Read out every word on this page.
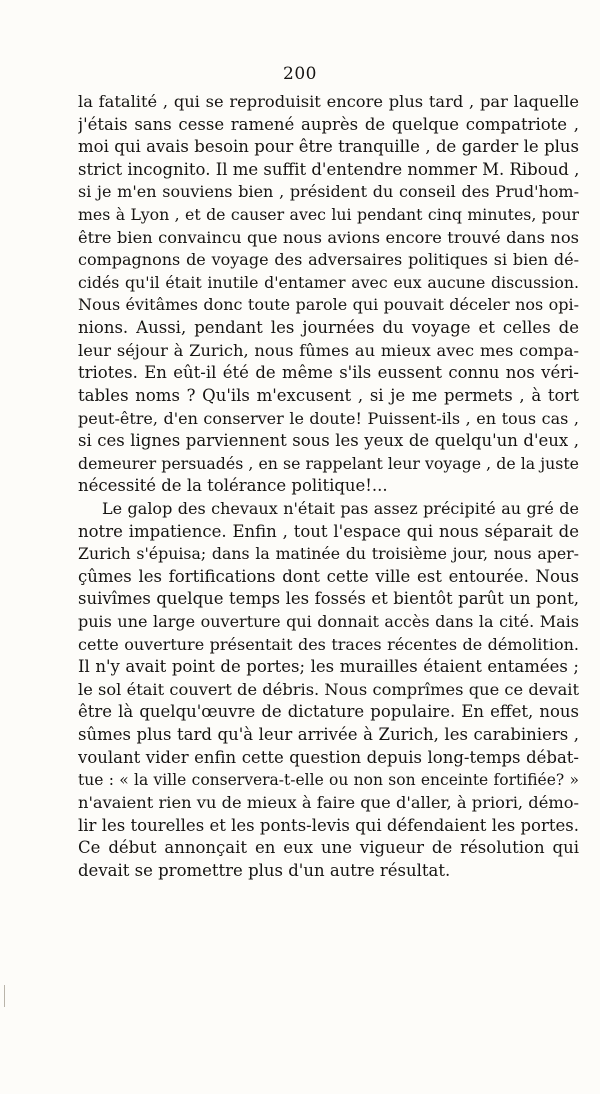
200
la fatalité , qui se reproduisit encore plus tard , par laquelle
j'étais sans cesse ramené auprès de quelque compatriote ,
moi qui avais besoin pour être tranquille , de garder le plus
strict incognito. Il me suffit d'entendre nommer M. Riboud ,
si je m'en souviens bien , président du conseil des Prud'hom-
mes à Lyon , et de causer avec lui pendant cinq minutes, pour
être bien convaincu que nous avions encore trouvé dans nos
compagnons de voyage des adversaires politiques si bien dé-
cidés qu'il était inutile d'entamer avec eux aucune discussion.
Nous évitâmes donc toute parole qui pouvait déceler nos opi-
nions. Aussi, pendant les journées du voyage et celles de
leur séjour à Zurich, nous fûmes au mieux avec mes compa-
triotes. En eût-il été de même s'ils eussent connu nos véri-
tables noms ? Qu'ils m'excusent , si je me permets , à tort
peut-être, d'en conserver le doute! Puissent-ils , en tous cas ,
si ces lignes parviennent sous les yeux de quelqu'un d'eux ,
demeurer persuadés , en se rappelant leur voyage , de la juste
nécessité de la tolérance politique!...
Le galop des chevaux n'était pas assez précipité au gré de
notre impatience. Enfin , tout l'espace qui nous séparait de
Zurich s'épuisa; dans la matinée du troisième jour, nous aper-
çûmes les fortifications dont cette ville est entourée. Nous
suivîmes quelque temps les fossés et bientôt parût un pont,
puis une large ouverture qui donnait accès dans la cité. Mais
cette ouverture présentait des traces récentes de démolition.
Il n'y avait point de portes; les murailles étaient entamées ;
le sol était couvert de débris. Nous comprîmes que ce devait
être là quelqu'œuvre de dictature populaire. En effet, nous
sûmes plus tard qu'à leur arrivée à Zurich, les carabiniers ,
voulant vider enfin cette question depuis long-temps débat-
tue : « la ville conservera-t-elle ou non son enceinte fortifiée? »
n'avaient rien vu de mieux à faire que d'aller, à priori, démo-
lir les tourelles et les ponts-levis qui défendaient les portes.
Ce début annonçait en eux une vigueur de résolution qui
devait se promettre plus d'un autre résultat.
